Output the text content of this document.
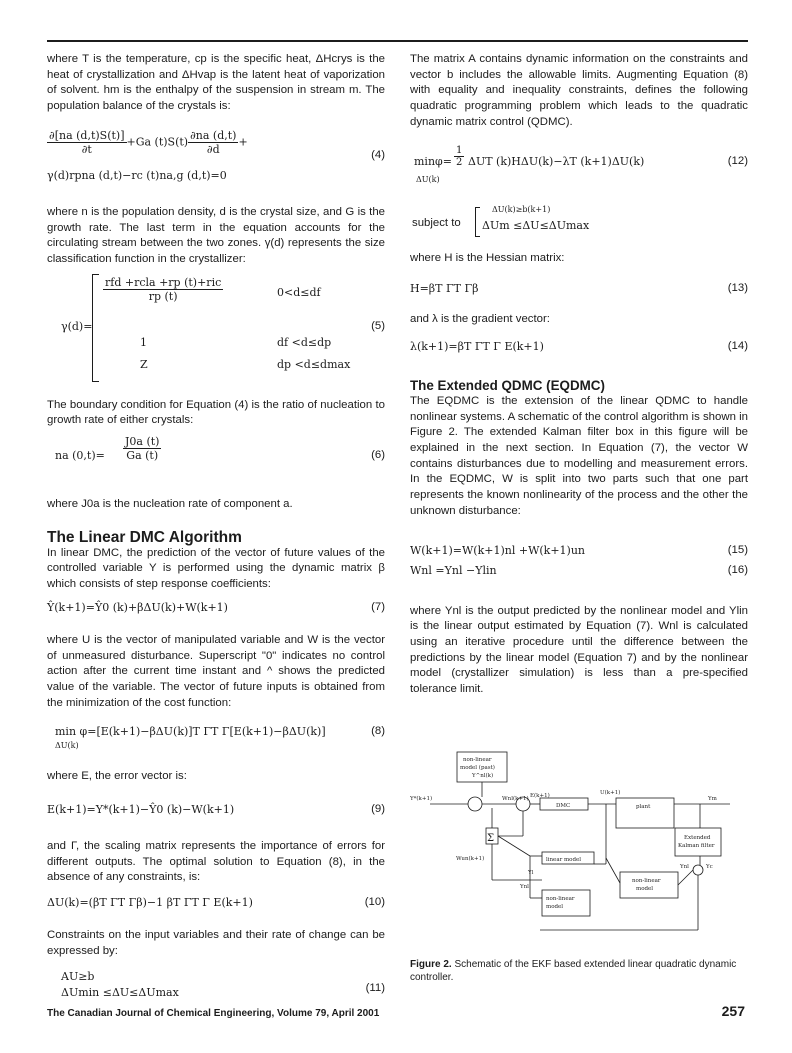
where T is the temperature, cp is the specific heat, ΔHcrys is the heat of crystallization and ΔHvap is the latent heat of vaporization of solvent. hm is the enthalpy of the suspension in stream m. The population balance of the crystals is:

$\frac{\partial[na (d,t)S(t)]}{\partial t} +Ga$ $(t)S(t) \frac{\partial na (d,t)}{\partial d}$ +
γ(d)rpna (d,t)−rc (t)na,g (d,t)=0
(4)

where n is the population density, d is the crystal size, and G is the growth rate. The last term in the equation accounts for the circulating stream between the two zones. γ(d) represents the size classification function in the crystallizer:

γ(d)=
rfd +rcla +rp (t)+ric
rp (t)	0<d≤df
1	df <d≤dp
Z	dp <d≤dmax
(5)

The boundary condition for Equation (4) is the ratio of nucleation to growth rate of either crystals:

na $(0,t)= \frac{J0a (t)}{Ga (t)}$	(6)

where J0a is the nucleation rate of component a.

The Linear DMC Algorithm

In linear DMC, the prediction of the vector of future values of the controlled variable Y is performed using the dynamic matrix β which consists of step response coefficients:

Ŷ(k+1)=Ŷ0 (k)+βΔU(k)+W(k+1)	(7)

where U is the vector of manipulated variable and W is the vector of unmeasured disturbance. Superscript "0" indicates no control action after the current time instant and ^ shows the predicted value of the variable. The vector of future inputs is obtained from the minimization of the cost function:

min φ=[E(k+1)−βΔU(k)]T ΓT Γ[E(k+1)−βΔU(k)]
ΔU(k)
(8)

where E, the error vector is:

E(k+1)=Y*(k+1)−Ŷ0 (k)−W(k+1)	(9)

and Γ, the scaling matrix represents the importance of errors for different outputs. The optimal solution to Equation (8), in the absence of any constraints, is:

ΔU(k)=(βT ΓT Γβ)−1 βT ΓT Γ E(k+1)	(10)

Constraints on the input variables and their rate of change can be expressed by:

AU≥b
ΔUmin ≤ΔU≤ΔUmax	(11)

The matrix A contains dynamic information on the constraints and vector b includes the allowable limits. Augmenting Equation (8) with equality and inequality constraints, defines the following quadratic programming problem which leads to the quadratic dynamic matrix control (QDMC).

$\min\varphi= \frac{1}{2}$ ΔUT (k)HΔU(k)−λT (k+1)ΔU(k)
ΔU(k)
(12)
subject to
ΔU(k)≥b(k+1)
ΔUm ≤ΔU≤ΔUmax

where H is the Hessian matrix:

H=βT ΓT Γβ	(13)

and λ is the gradient vector:

λ(k+1)=βT ΓT Γ E(k+1)	(14)
The Extended QDMC (EQDMC)

The EQDMC is the extension of the linear QDMC to handle nonlinear systems. A schematic of the control algorithm is shown in Figure 2. The extended Kalman filter box in this figure will be explained in the next section. In Equation (7), the vector W contains disturbances due to modelling and measurement errors. In the EQDMC, W is split into two parts such that one part represents the known nonlinearity of the process and the other the unknown disturbance:

W(k+1)=W(k+1)nl +W(k+1)un	(15)
Wnl =Ynl −Ylin	(16)

where Ynl is the output predicted by the nonlinear model and Ylin is the linear output estimated by Equation (7). Wnl is calculated using an iterative procedure until the difference between the predictions by the linear model (Equation 7) and by the nonlinear model (crystallizer simulation) is less than a pre-specified tolerance limit.

non-linear
model (past)
Y^nl(k)
Y*(k+1)	Wnl(k+1) E(k+1)
DMC
U(k+1)
plant
Ym
Extended
Kalman filter
Yc
Σ
Wun(k+1)	linear model
Yl
Ynl
non-linear
model
non-linear
model
Ynl
Figure 2. Schematic of the EKF based extended linear quadratic dynamic controller.
The Canadian Journal of Chemical Engineering, Volume 79, April 2001	257
